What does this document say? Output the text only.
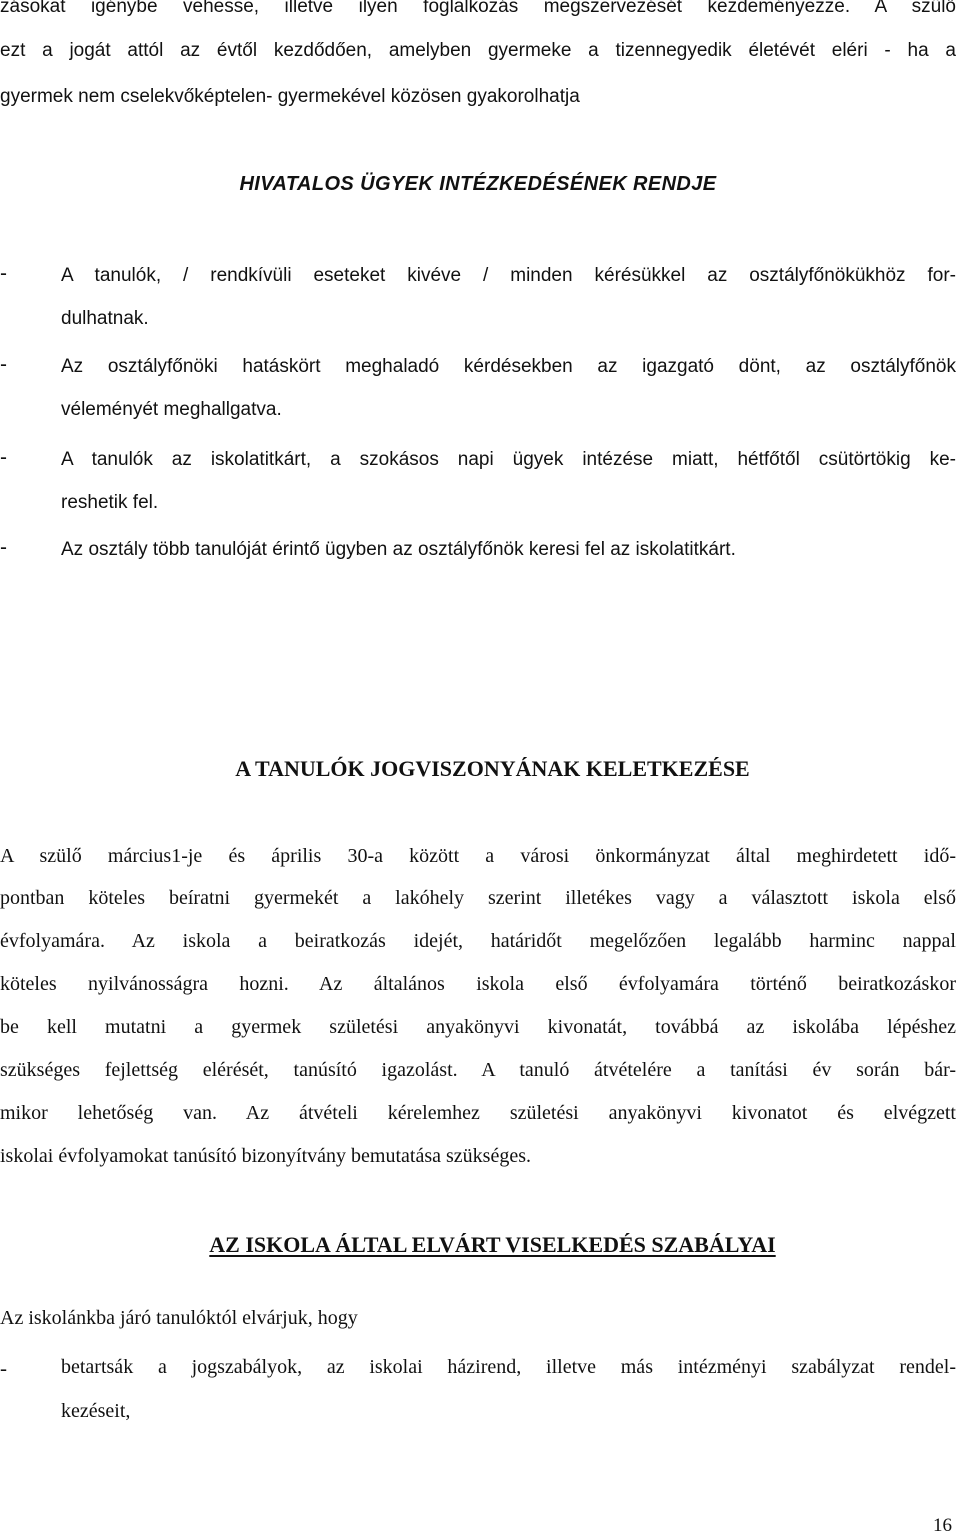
zásokat igénybe vehesse, illetve ilyen foglalkozás megszervezését kezdeményezze. A szülő
ezt a jogát attól az évtől kezdődően, amelyben gyermeke a tizennegyedik életévét eléri - ha a
gyermek nem cselekvőképtelen- gyermekével közösen gyakorolhatja
HIVATALOS ÜGYEK INTÉZKEDÉSÉNEK RENDJE
-	A tanulók, / rendkívüli eseteket kivéve / minden kérésükkel az osztályfőnökükhöz for-
dulhatnak.
-	Az osztályfőnöki hatáskört meghaladó kérdésekben az igazgató dönt, az osztályfőnök
véleményét meghallgatva.
-	A tanulók az iskolatitkárt, a szokásos napi ügyek intézése miatt, hétfőtől csütörtökig ke-
reshetik fel.
-	Az osztály több tanulóját érintő ügyben az osztályfőnök keresi fel az iskolatitkárt.
A TANULÓK JOGVISZONYÁNAK KELETKEZÉSE
A szülő március1-je és április 30-a között a városi önkormányzat által meghirdetett idő-
pontban köteles beíratni gyermekét a lakóhely szerint illetékes vagy a választott iskola első
évfolyamára. Az iskola a beiratkozás idejét, határidőt megelőzően legalább harminc nappal
köteles nyilvánosságra hozni. Az általános iskola első évfolyamára történő beiratkozáskor
be kell mutatni a gyermek születési anyakönyvi kivonatát, továbbá az iskolába lépéshez
szükséges fejlettség elérését, tanúsító igazolást. A tanuló átvételére a tanítási év során bár-
mikor lehetőség van. Az átvételi kérelemhez születési anyakönyvi kivonatot és elvégzett
iskolai évfolyamokat tanúsító bizonyítvány bemutatása szükséges.
AZ ISKOLA ÁLTAL ELVÁRT VISELKEDÉS SZABÁLYAI
Az iskolánkba járó tanulóktól elvárjuk, hogy
-	betartsák a jogszabályok, az iskolai házirend, illetve más intézményi szabályzat rendel-
kezéseit,
16
